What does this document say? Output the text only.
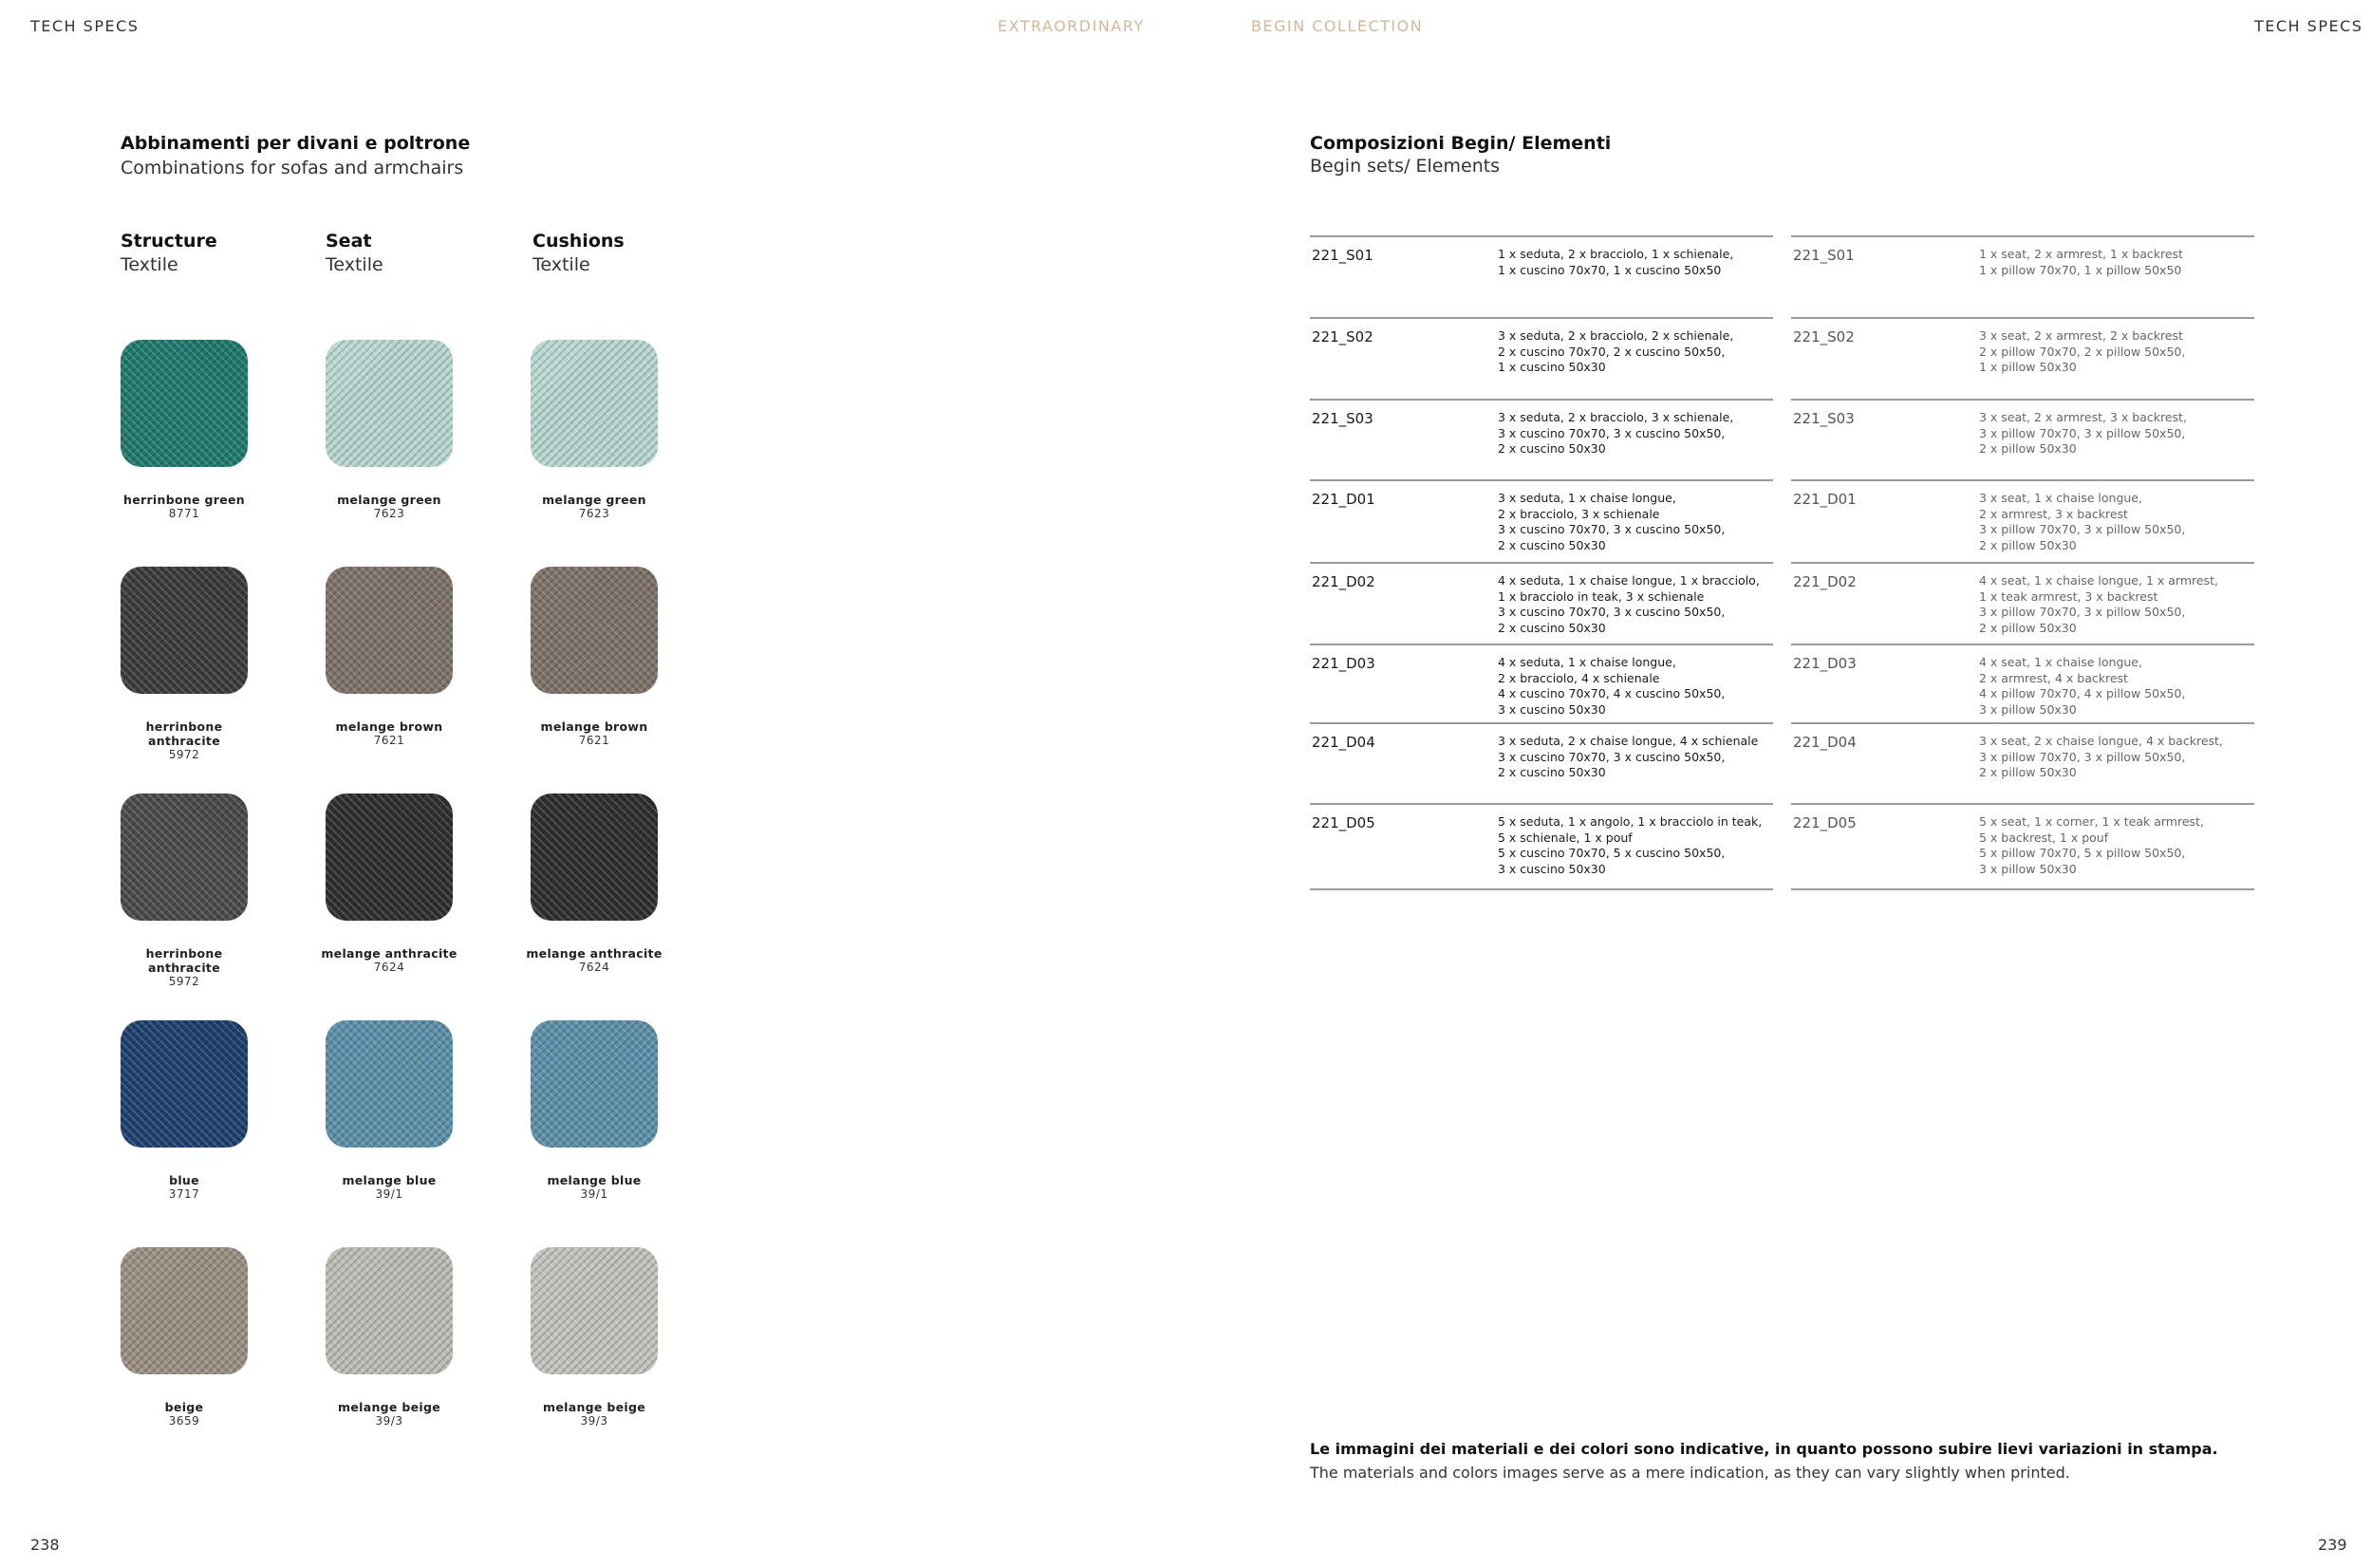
TECH SPECS	EXTRAORDINARY	BEGIN COLLECTION	TECH SPECS
Abbinamenti per divani e poltrone
Combinations for sofas and armchairs
Structure
Textile
Seat
Textile
Cushions
Textile
herrinbone green
8771
herrinbone anthracite
5972
herrinbone anthracite
5972
blue
3717
beige
3659
melange green
7623
melange brown
7621
melange anthracite
7624
melange blue
39/1
melange beige
39/3
melange green
7623
melange brown
7621
melange anthracite
7624
melange blue
39/1
melange beige
39/3
238
Composizioni Begin/ Elementi
Begin sets/ Elements
221_S01	1 x seduta, 2 x bracciolo, 1 x schienale,
1 x cuscino 70x70, 1 x cuscino 50x50
221_S02	3 x seduta, 2 x bracciolo, 2 x schienale,
2 x cuscino 70x70, 2 x cuscino 50x50,
1 x cuscino 50x30
221_S03	3 x seduta, 2 x bracciolo, 3 x schienale,
3 x cuscino 70x70, 3 x cuscino 50x50,
2 x cuscino 50x30
221_D01	3 x seduta, 1 x chaise longue,
2 x bracciolo, 3 x schienale
3 x cuscino 70x70, 3 x cuscino 50x50,
2 x cuscino 50x30
221_D02	4 x seduta, 1 x chaise longue, 1 x bracciolo,
1 x bracciolo in teak, 3 x schienale
3 x cuscino 70x70, 3 x cuscino 50x50,
2 x cuscino 50x30
221_D03	4 x seduta, 1 x chaise longue,
2 x bracciolo, 4 x schienale
4 x cuscino 70x70, 4 x cuscino 50x50,
3 x cuscino 50x30
221_D04	3 x seduta, 2 x chaise longue, 4 x schienale
3 x cuscino 70x70, 3 x cuscino 50x50,
2 x cuscino 50x30
221_D05	5 x seduta, 1 x angolo, 1 x bracciolo in teak,
5 x schienale, 1 x pouf
5 x cuscino 70x70, 5 x cuscino 50x50,
3 x cuscino 50x30
221_S01	1 x seat, 2 x armrest, 1 x backrest
1 x pillow 70x70, 1 x pillow 50x50
221_S02	3 x seat, 2 x armrest, 2 x backrest
2 x pillow 70x70, 2 x pillow 50x50,
1 x pillow 50x30
221_S03	3 x seat, 2 x armrest, 3 x backrest,
3 x pillow 70x70, 3 x pillow 50x50,
2 x pillow 50x30
221_D01	3 x seat, 1 x chaise longue,
2 x armrest, 3 x backrest
3 x pillow 70x70, 3 x pillow 50x50,
2 x pillow 50x30
221_D02	4 x seat, 1 x chaise longue, 1 x armrest,
1 x teak armrest, 3 x backrest
3 x pillow 70x70, 3 x pillow 50x50,
2 x pillow 50x30
221_D03	4 x seat, 1 x chaise longue,
2 x armrest, 4 x backrest
4 x pillow 70x70, 4 x pillow 50x50,
3 x pillow 50x30
221_D04	3 x seat, 2 x chaise longue, 4 x backrest,
3 x pillow 70x70, 3 x pillow 50x50,
2 x pillow 50x30
221_D05	5 x seat, 1 x corner, 1 x teak armrest,
5 x backrest, 1 x pouf
5 x pillow 70x70, 5 x pillow 50x50,
3 x pillow 50x30
Le immagini dei materiali e dei colori sono indicative, in quanto possono subire lievi variazioni in stampa.
The materials and colors images serve as a mere indication, as they can vary slightly when printed.
239
